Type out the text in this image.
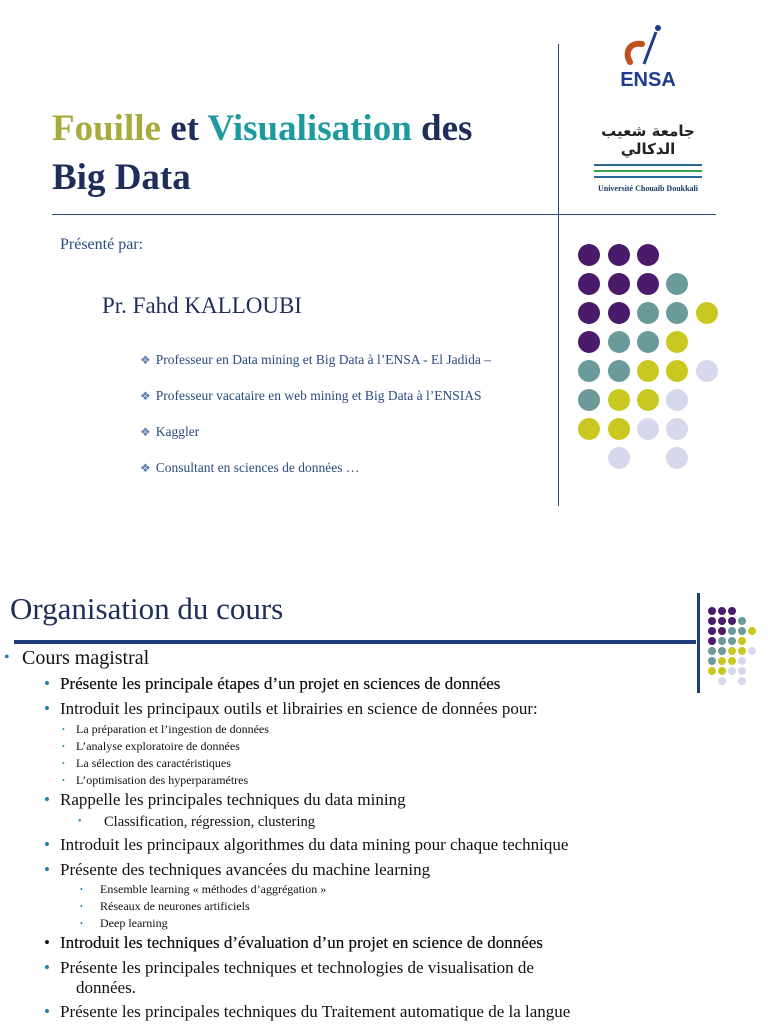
Fouille et Visualisation des
Big Data
Présenté par:
Pr. Fahd KALLOUBI
❖ Professeur en Data mining et Big Data à l’ENSA - El Jadida –
❖ Professeur vacataire en web mining et Big Data à l’ENSIAS
❖ Kaggler
❖ Consultant en sciences de données …
ENSA
جامعة شعيب الدكالي
Université Chouaïb Doukkali
Organisation du cours
• Cours magistral
• Présente les principale étapes d’un projet en sciences de données
• Introduit les principaux outils et librairies en science de données pour:
• La préparation et l’ingestion de données
• L’analyse exploratoire de données
• La sélection des caractéristiques
• L’optimisation des hyperparamétres
• Rappelle les principales techniques du data mining
• Classification, régression, clustering
• Introduit les principaux algorithmes du data mining pour chaque technique
• Présente des techniques avancées du machine learning
• Ensemble learning « méthodes d’aggrégation »
• Réseaux de neurones artificiels
• Deep learning
• Introduit les techniques d’évaluation d’un projet en science de données
• Présente les principales techniques et technologies de visualisation de
données.
• Présente les principales techniques du Traitement automatique de la langue
